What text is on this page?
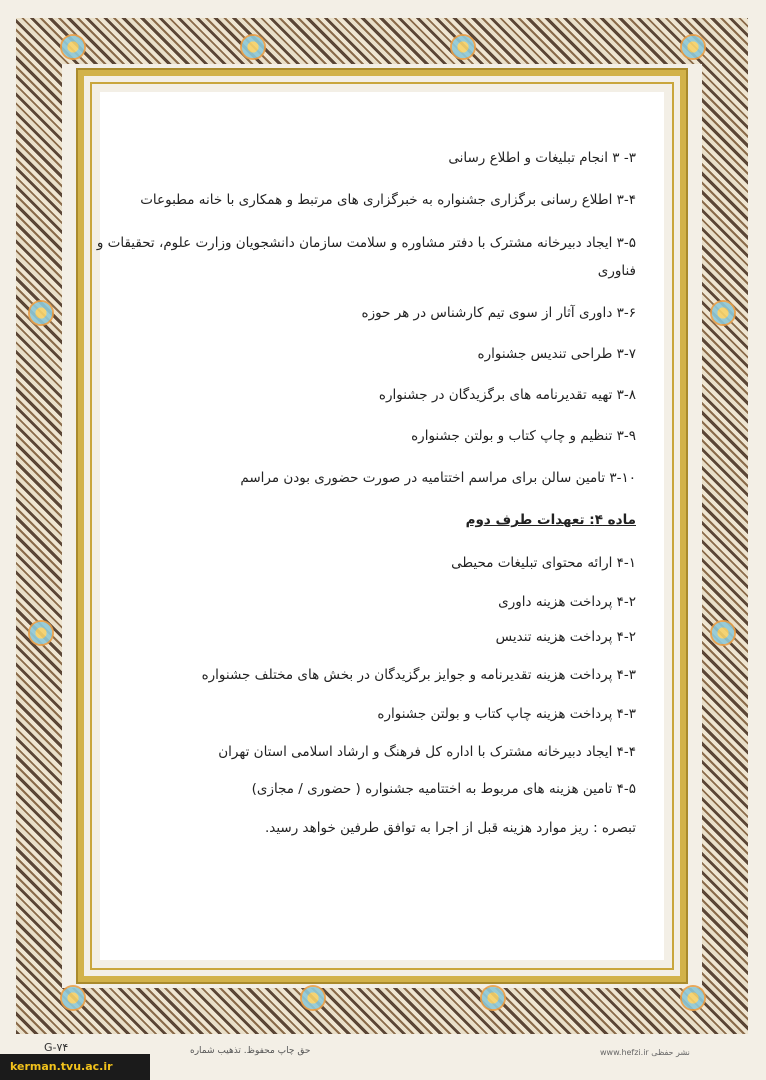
۳- ۳ انجام تبلیغات و اطلاع رسانی
۳-۴ اطلاع رسانی برگزاری جشنواره به خبرگزاری های مرتبط و همکاری با خانه مطبوعات
۳-۵ ایجاد دبیرخانه مشترک با دفتر مشاوره و سلامت سازمان دانشجویان وزارت علوم، تحقیقات و
فناوری
۳-۶ داوری آثار از سوی تیم کارشناس در هر حوزه
۳-۷ طراحی تندیس جشنواره
۳-۸ تهیه تقدیرنامه های برگزیدگان در جشنواره
۳-۹ تنظیم و چاپ کتاب و بولتن جشنواره
۳-۱۰ تامین سالن برای مراسم اختتامیه در صورت حضوری بودن مراسم
ماده ۴: تعهدات طرف دوم
۴-۱ ارائه محتوای تبلیغات محیطی
۴-۲ پرداخت هزینه داوری
۴-۲ پرداخت هزینه تندیس
۴-۳ پرداخت هزینه تقدیرنامه و جوایز برگزیدگان در بخش های مختلف جشنواره
۴-۳ پرداخت هزینه چاپ کتاب و بولتن جشنواره
۴-۴ ایجاد دبیرخانه مشترک با اداره کل فرهنگ و ارشاد اسلامی استان تهران
۴-۵ تامین هزینه های مربوط به اختتامیه جشنواره ( حضوری / مجازی)
تبصره : ریز موارد هزینه قبل از اجرا به توافق طرفین خواهد رسید.
G-۷۴
kerman.tvu.ac.ir
حق چاپ محفوظ. تذهیب شماره	نشر حفظی www.hefzi.ir
